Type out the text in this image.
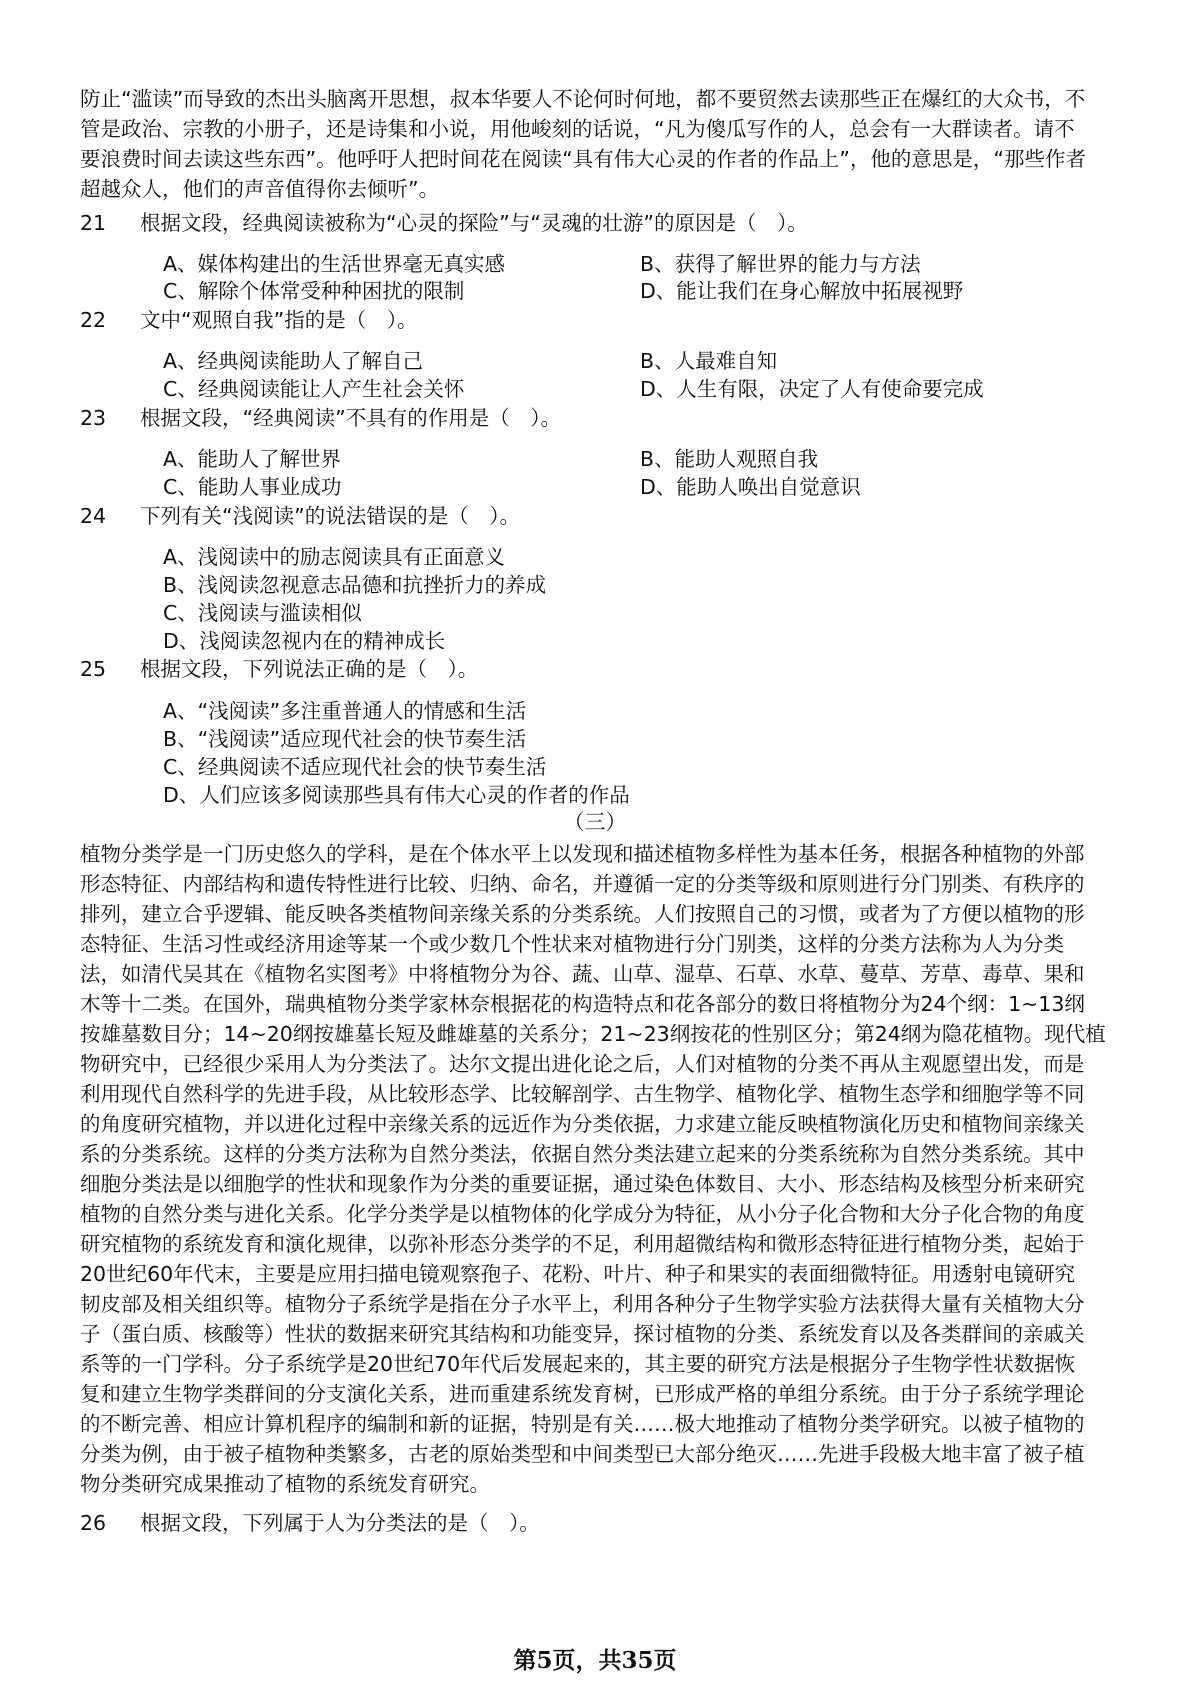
防止“滥读”而导致的杰出头脑离开思想，叔本华要人不论何时何地，都不要贸然去读那些正在爆红的大众书，不
管是政治、宗教的小册子，还是诗集和小说，用他峻刻的话说，“凡为傻瓜写作的人，总会有一大群读者。请不
要浪费时间去读这些东西”。他呼吁人把时间花在阅读“具有伟大心灵的作者的作品上”，他的意思是，“那些作者
超越众人，他们的声音值得你去倾听”。
21 根据文段，经典阅读被称为“心灵的探险”与“灵魂的壮游”的原因是（　）。
A、媒体构建出的生活世界毫无真实感	B、获得了解世界的能力与方法
C、解除个体常受种种困扰的限制	D、能让我们在身心解放中拓展视野
22 文中“观照自我”指的是（　）。
A、经典阅读能助人了解自己	B、人最难自知
C、经典阅读能让人产生社会关怀	D、人生有限，决定了人有使命要完成
23 根据文段，“经典阅读”不具有的作用是（　）。
A、能助人了解世界	B、能助人观照自我
C、能助人事业成功	D、能助人唤出自觉意识
24 下列有关“浅阅读”的说法错误的是（　）。
A、浅阅读中的励志阅读具有正面意义
B、浅阅读忽视意志品德和抗挫折力的养成
C、浅阅读与滥读相似
D、浅阅读忽视内在的精神成长
25 根据文段，下列说法正确的是（　）。
A、“浅阅读”多注重普通人的情感和生活
B、“浅阅读”适应现代社会的快节奏生活
C、经典阅读不适应现代社会的快节奏生活
D、人们应该多阅读那些具有伟大心灵的作者的作品
（三）
植物分类学是一门历史悠久的学科，是在个体水平上以发现和描述植物多样性为基本任务，根据各种植物的外部
形态特征、内部结构和遗传特性进行比较、归纳、命名，并遵循一定的分类等级和原则进行分门别类、有秩序的
排列，建立合乎逻辑、能反映各类植物间亲缘关系的分类系统。人们按照自己的习惯，或者为了方便以植物的形
态特征、生活习性或经济用途等某一个或少数几个性状来对植物进行分门别类，这样的分类方法称为人为分类
法，如清代吴其在《植物名实图考》中将植物分为谷、蔬、山草、湿草、石草、水草、蔓草、芳草、毒草、果和
木等十二类。在国外，瑞典植物分类学家林奈根据花的构造特点和花各部分的数日将植物分为24个纲：1~13纲
按雄墓数目分；14~20纲按雄墓长短及雌雄墓的关系分；21~23纲按花的性别区分；第24纲为隐花植物。现代植
物研究中，已经很少采用人为分类法了。达尔文提出进化论之后，人们对植物的分类不再从主观愿望出发，而是
利用现代自然科学的先进手段，从比较形态学、比较解剖学、古生物学、植物化学、植物生态学和细胞学等不同
的角度研究植物，并以进化过程中亲缘关系的远近作为分类依据，力求建立能反映植物演化历史和植物间亲缘关
系的分类系统。这样的分类方法称为自然分类法，依据自然分类法建立起来的分类系统称为自然分类系统。其中
细胞分类法是以细胞学的性状和现象作为分类的重要证据，通过染色体数目、大小、形态结构及核型分析来研究
植物的自然分类与进化关系。化学分类学是以植物体的化学成分为特征，从小分子化合物和大分子化合物的角度
研究植物的系统发育和演化规律，以弥补形态分类学的不足，利用超微结构和微形态特征进行植物分类，起始于
20世纪60年代末，主要是应用扫描电镜观察孢子、花粉、叶片、种子和果实的表面细微特征。用透射电镜研究
韧皮部及相关组织等。植物分子系统学是指在分子水平上，利用各种分子生物学实验方法获得大量有关植物大分
子（蛋白质、核酸等）性状的数据来研究其结构和功能变异，探讨植物的分类、系统发育以及各类群间的亲戚关
系等的一门学科。分子系统学是20世纪70年代后发展起来的，其主要的研究方法是根据分子生物学性状数据恢
复和建立生物学类群间的分支演化关系，进而重建系统发育树，已形成严格的单组分系统。由于分子系统学理论
的不断完善、相应计算机程序的编制和新的证据，特别是有关……极大地推动了植物分类学研究。以被子植物的
分类为例，由于被子植物种类繁多，古老的原始类型和中间类型已大部分绝灭……先进手段极大地丰富了被子植
物分类研究成果推动了植物的系统发育研究。
26 根据文段，下列属于人为分类法的是（　）。
第5页，共35页
